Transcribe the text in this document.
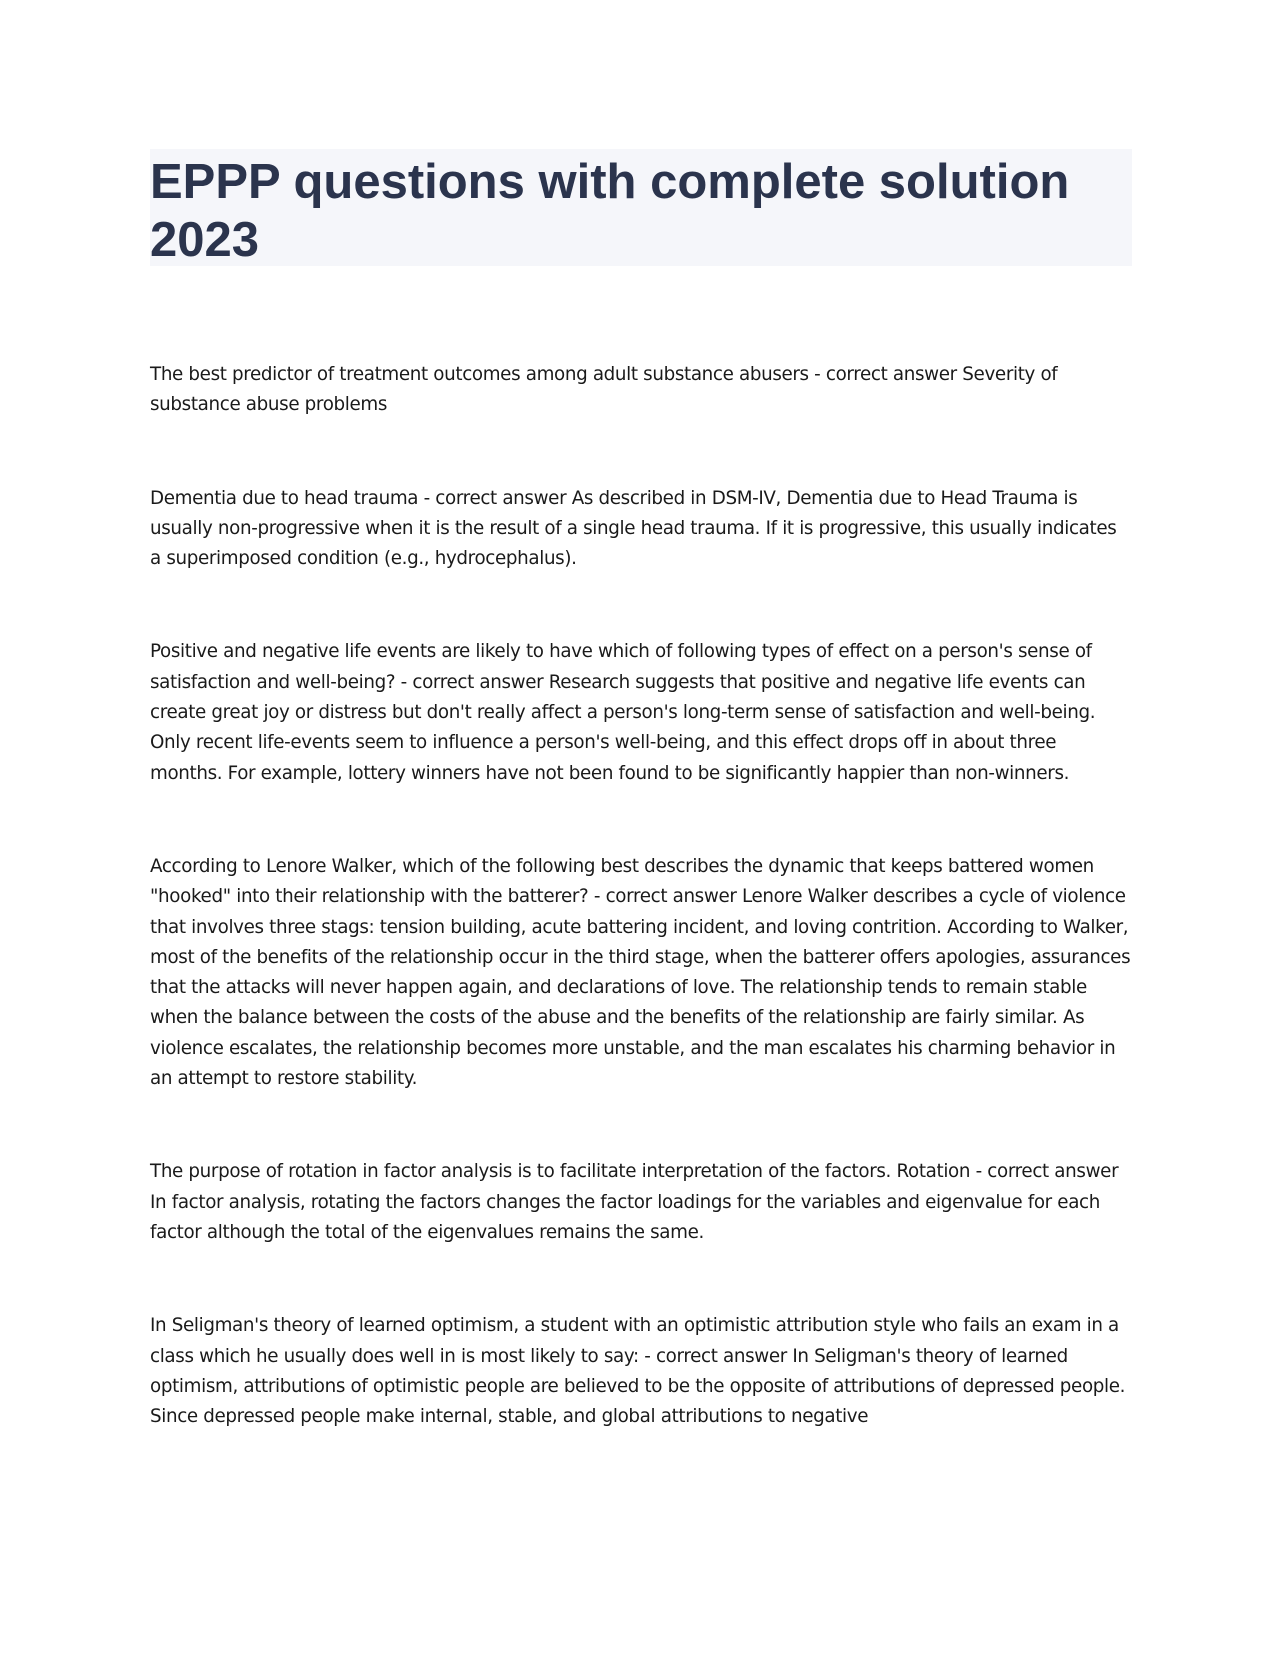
EPPP questions with complete solution 2023

The best predictor of treatment outcomes among adult substance abusers - correct answer Severity of substance abuse problems

Dementia due to head trauma - correct answer As described in DSM-IV, Dementia due to Head Trauma is usually non-progressive when it is the result of a single head trauma. If it is progressive, this usually indicates a superimposed condition (e.g., hydrocephalus).

Positive and negative life events are likely to have which of following types of effect on a person's sense of satisfaction and well-being? - correct answer Research suggests that positive and negative life events can create great joy or distress but don't really affect a person's long-term sense of satisfaction and well-being. Only recent life-events seem to influence a person's well-being, and this effect drops off in about three months. For example, lottery winners have not been found to be significantly happier than non-winners.

According to Lenore Walker, which of the following best describes the dynamic that keeps battered women "hooked" into their relationship with the batterer? - correct answer Lenore Walker describes a cycle of violence that involves three stags: tension building, acute battering incident, and loving contrition. According to Walker, most of the benefits of the relationship occur in the third stage, when the batterer offers apologies, assurances that the attacks will never happen again, and declarations of love. The relationship tends to remain stable when the balance between the costs of the abuse and the benefits of the relationship are fairly similar. As violence escalates, the relationship becomes more unstable, and the man escalates his charming behavior in an attempt to restore stability.

The purpose of rotation in factor analysis is to facilitate interpretation of the factors. Rotation - correct answer In factor analysis, rotating the factors changes the factor loadings for the variables and eigenvalue for each factor although the total of the eigenvalues remains the same.

In Seligman's theory of learned optimism, a student with an optimistic attribution style who fails an exam in a class which he usually does well in is most likely to say: - correct answer In Seligman's theory of learned optimism, attributions of optimistic people are believed to be the opposite of attributions of depressed people. Since depressed people make internal, stable, and global attributions to negative
